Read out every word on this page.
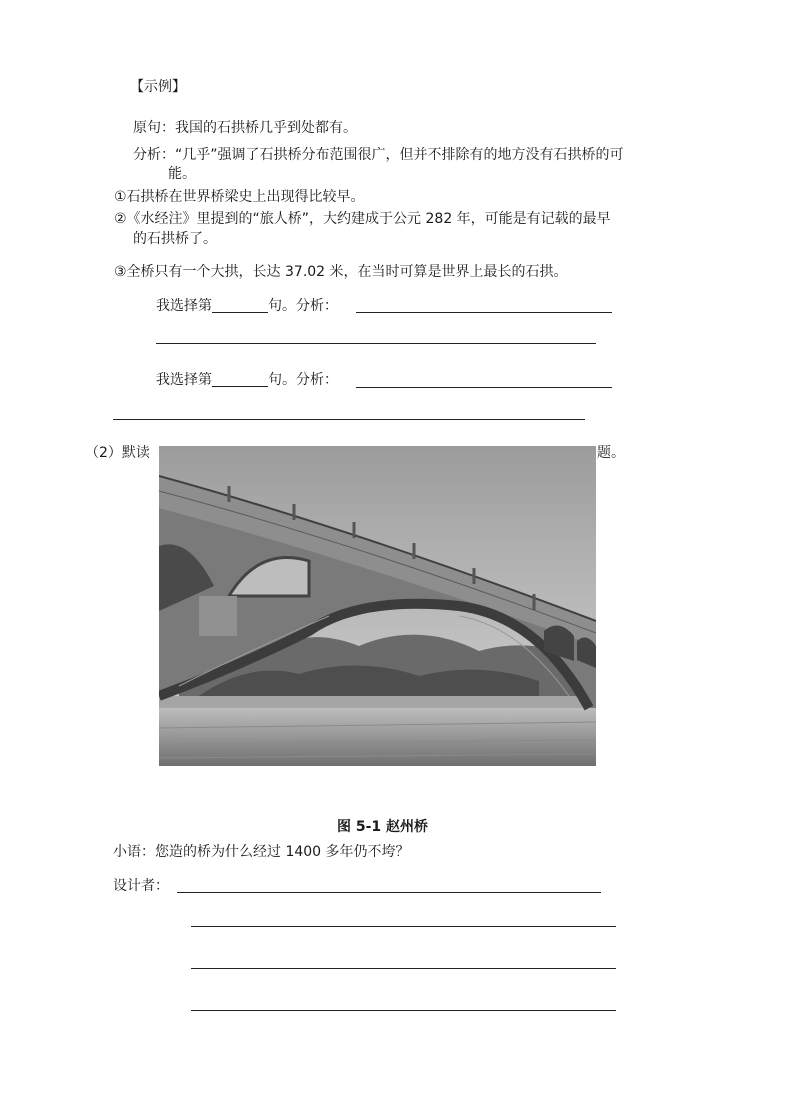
【示例】
原句：我国的石拱桥几乎到处都有。
分析：“几乎”强调了石拱桥分布范围很广，但并不排除有的地方没有石拱桥的可
能。
①石拱桥在世界桥梁史上出现得比较早。
②《水经注》里提到的“旅人桥”，大约建成于公元 282 年，可能是有记载的最早
的石拱桥了。
③全桥只有一个大拱，长达 37.02 米，在当时可算是世界上最长的石拱。
我选择第	句。分析：
我选择第	句。分析：
（2）默读	题。
图 5-1 赵州桥
小语：您造的桥为什么经过 1400 多年仍不垮？
设计者：
